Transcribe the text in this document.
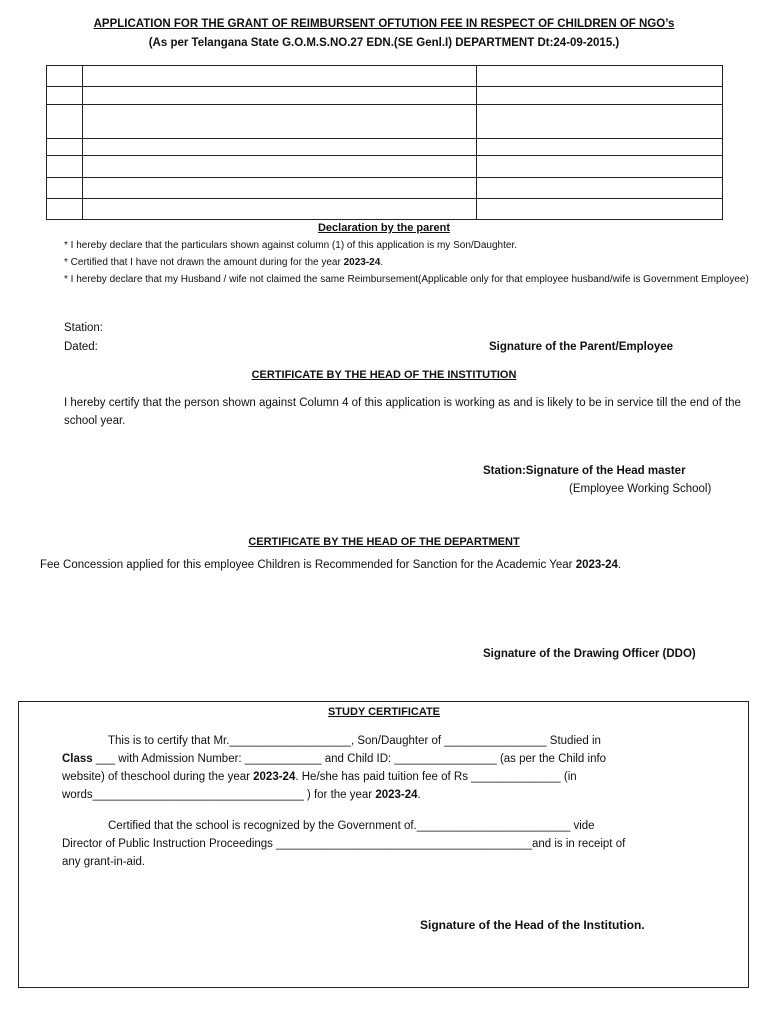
APPLICATION FOR THE GRANT OF REIMBURSENT OFTUTION FEE IN RESPECT OF CHILDREN OF NGO’s
(As per Telangana State G.O.M.S.NO.27 EDN.(SE Genl.I) DEPARTMENT Dt:24-09-2015.)

Declaration by the parent
* I hereby declare that the particulars shown against column (1) of this application is my Son/Daughter.
* Certified that I have not drawn the amount during for the year 2023-24.
* I hereby declare that my Husband / wife not claimed the same Reimbursement(Applicable only for that employee husband/wife is Government Employee)
Station:
Dated:	Signature of the Parent/Employee
CERTIFICATE BY THE HEAD OF THE INSTITUTION
I hereby certify that the person shown against Column 4 of this application is working as and is likely to be in service till the end of the school year.
Station:Signature of the Head master
(Employee Working School)
CERTIFICATE BY THE HEAD OF THE DEPARTMENT
Fee Concession applied for this employee Children is Recommended for Sanction for the Academic Year 2023-24.
Signature of the Drawing Officer (DDO)
STUDY CERTIFICATE
This is to certify that Mr.___________________, Son/Daughter of ________________ Studied in
Class ___ with Admission Number: ____________ and Child ID: ________________ (as per the Child info
website) of theschool during the year 2023-24. He/she has paid tuition fee of Rs ______________ (in
words_________________________________ ) for the year 2023-24.
Certified that the school is recognized by the Government of.________________________ vide
Director of Public Instruction Proceedings ________________________________________and is in receipt of
any grant-in-aid.
Signature of the Head of the Institution.
